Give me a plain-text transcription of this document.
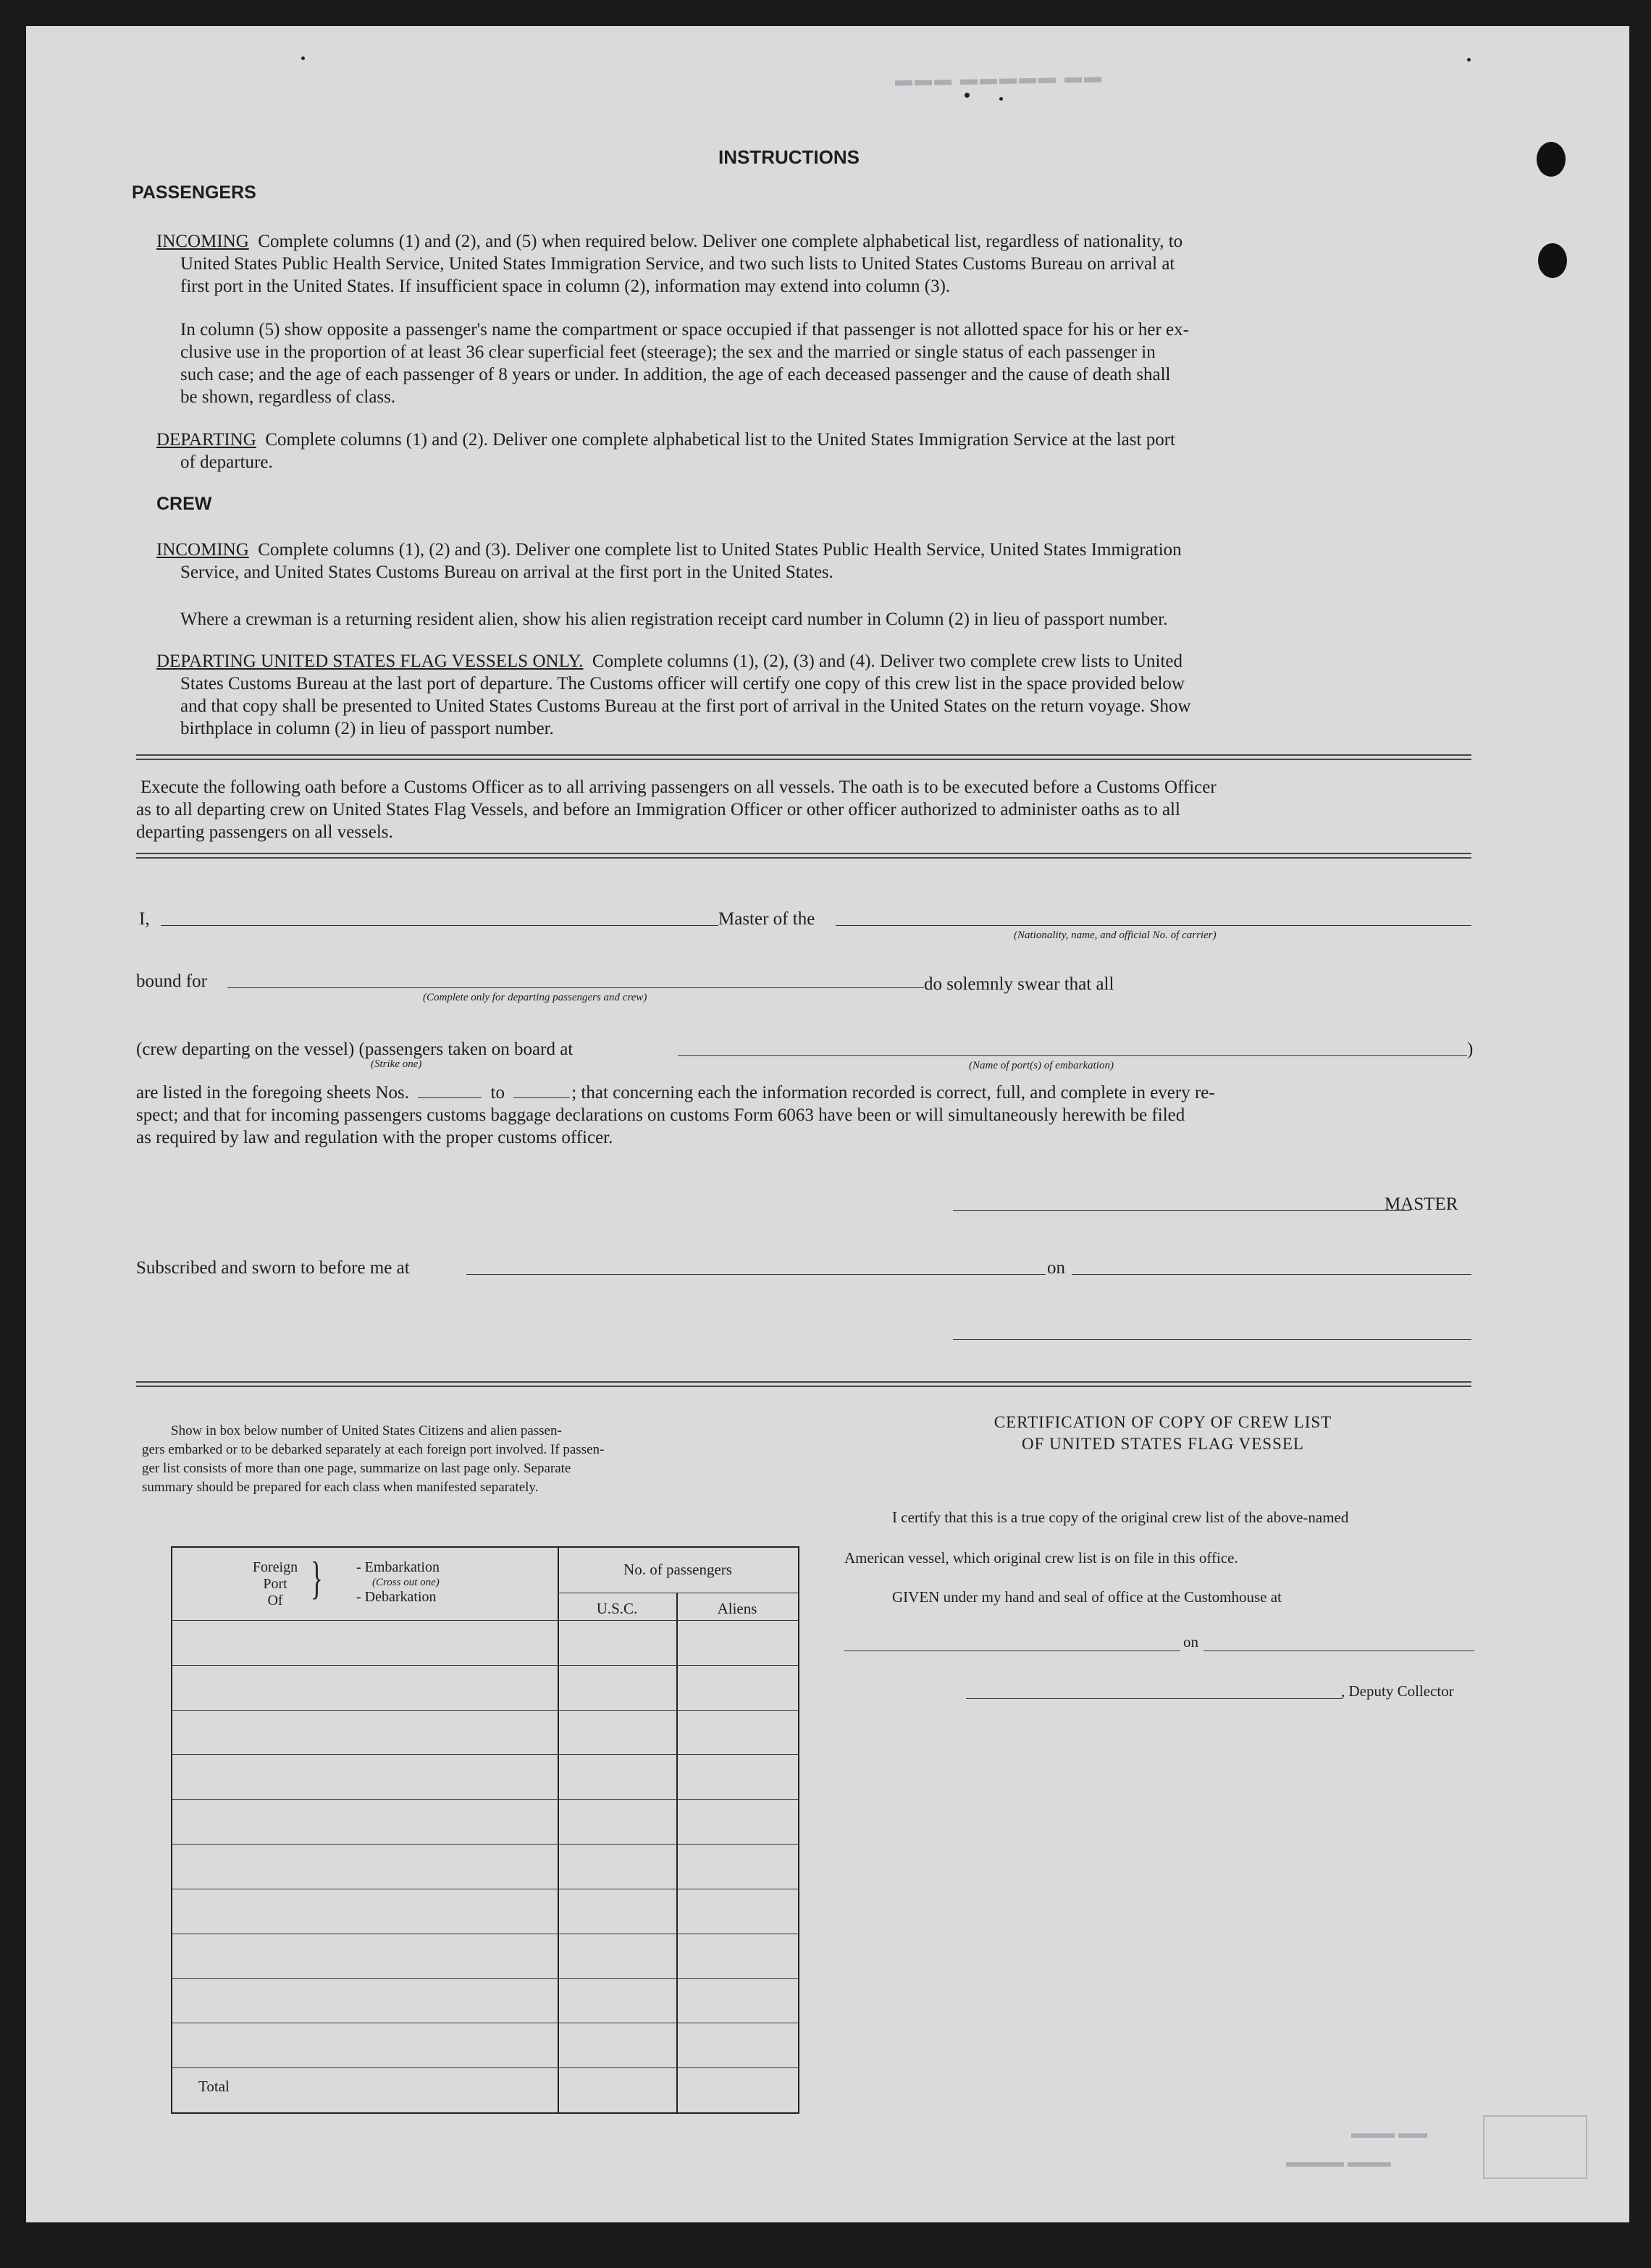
▬▬▬ ▬▬▬▬▬ ▬▬
INSTRUCTIONS
PASSENGERS
INCOMING Complete columns (1) and (2), and (5) when required below. Deliver one complete alphabetical list, regardless of nationality, to
United States Public Health Service, United States Immigration Service, and two such lists to United States Customs Bureau on arrival at
first port in the United States. If insufficient space in column (2), information may extend into column (3).
In column (5) show opposite a passenger's name the compartment or space occupied if that passenger is not allotted space for his or her ex-
clusive use in the proportion of at least 36 clear superficial feet (steerage); the sex and the married or single status of each passenger in
such case; and the age of each passenger of 8 years or under. In addition, the age of each deceased passenger and the cause of death shall
be shown, regardless of class.
DEPARTING Complete columns (1) and (2). Deliver one complete alphabetical list to the United States Immigration Service at the last port
of departure.
CREW
INCOMING Complete columns (1), (2) and (3). Deliver one complete list to United States Public Health Service, United States Immigration
Service, and United States Customs Bureau on arrival at the first port in the United States.
Where a crewman is a returning resident alien, show his alien registration receipt card number in Column (2) in lieu of passport number.
DEPARTING UNITED STATES FLAG VESSELS ONLY. Complete columns (1), (2), (3) and (4). Deliver two complete crew lists to United
States Customs Bureau at the last port of departure. The Customs officer will certify one copy of this crew list in the space provided below
and that copy shall be presented to United States Customs Bureau at the first port of arrival in the United States on the return voyage. Show
birthplace in column (2) in lieu of passport number.
Execute the following oath before a Customs Officer as to all arriving passengers on all vessels. The oath is to be executed before a Customs Officer
as to all departing crew on United States Flag Vessels, and before an Immigration Officer or other officer authorized to administer oaths as to all
departing passengers on all vessels.
I,	Master of the
(Nationality, name, and official No. of carrier)
bound for
(Complete only for departing passengers and crew)
do solemnly swear that all
(crew departing on the vessel) (passengers taken on board at
(Strike one)
)
(Name of port(s) of embarkation)
are listed in the foregoing sheets Nos.	to	; that concerning each the information recorded is correct, full, and complete in every re-
spect; and that for incoming passengers customs baggage declarations on customs Form 6063 have been or will simultaneously herewith be filed
as required by law and regulation with the proper customs officer.
MASTER
Subscribed and sworn to before me at	on
Show in box below number of United States Citizens and alien passen-
gers embarked or to be debarked separately at each foreign port involved. If passen-
ger list consists of more than one page, summarize on last page only. Separate
summary should be prepared for each class when manifested separately.
Foreign
Port
Of } - Embarkation
(Cross out one)
- Debarkation
No. of passengers
U.S.C.	Aliens
Total
CERTIFICATION OF COPY OF CREW LIST
OF UNITED STATES FLAG VESSEL
I certify that this is a true copy of the original crew list of the above-named
American vessel, which original crew list is on file in this office.
GIVEN under my hand and seal of office at the Customhouse at
on
, Deputy Collector
▬▬▬ ▬▬
▬▬▬▬ ▬▬▬
